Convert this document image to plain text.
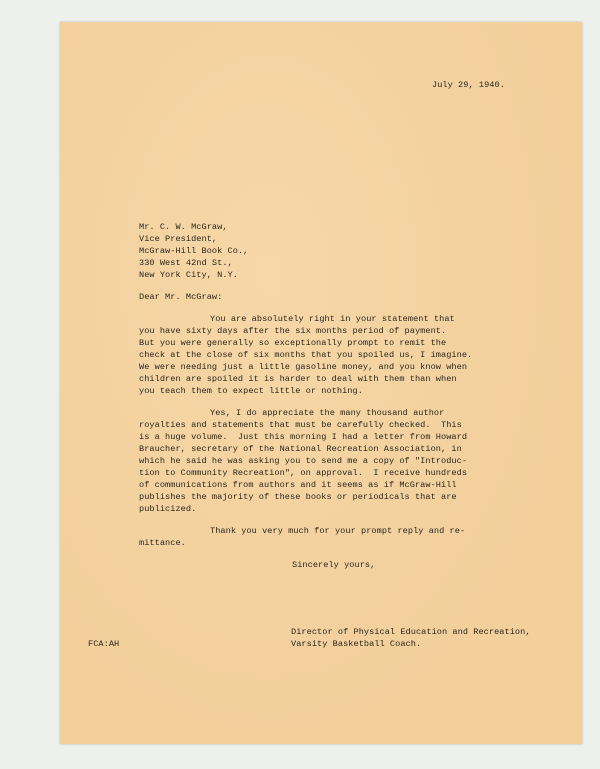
July 29, 1940.
Mr. C. W. McGraw,
Vice President,
McGraw-Hill Book Co.,
330 West 42nd St.,
New York City, N.Y.
Dear Mr. McGraw:
You are absolutely right in your statement that
you have sixty days after the six months period of payment.
But you were generally so exceptionally prompt to remit the
check at the close of six months that you spoiled us, I imagine.
We were needing just a little gasoline money, and you know when
children are spoiled it is harder to deal with them than when
you teach them to expect little or nothing.
Yes, I do appreciate the many thousand author
royalties and statements that must be carefully checked.  This
is a huge volume.  Just this morning I had a letter from Howard
Braucher, secretary of the National Recreation Association, in
which he said he was asking you to send me a copy of "Introduc-
tion to Community Recreation", on approval.  I receive hundreds
of communications from authors and it seems as if McGraw-Hill
publishes the majority of these books or periodicals that are
publicized.
Thank you very much for your prompt reply and re-
mittance.
Sincerely yours,
Director of Physical Education and Recreation,
Varsity Basketball Coach.
FCA:AH
